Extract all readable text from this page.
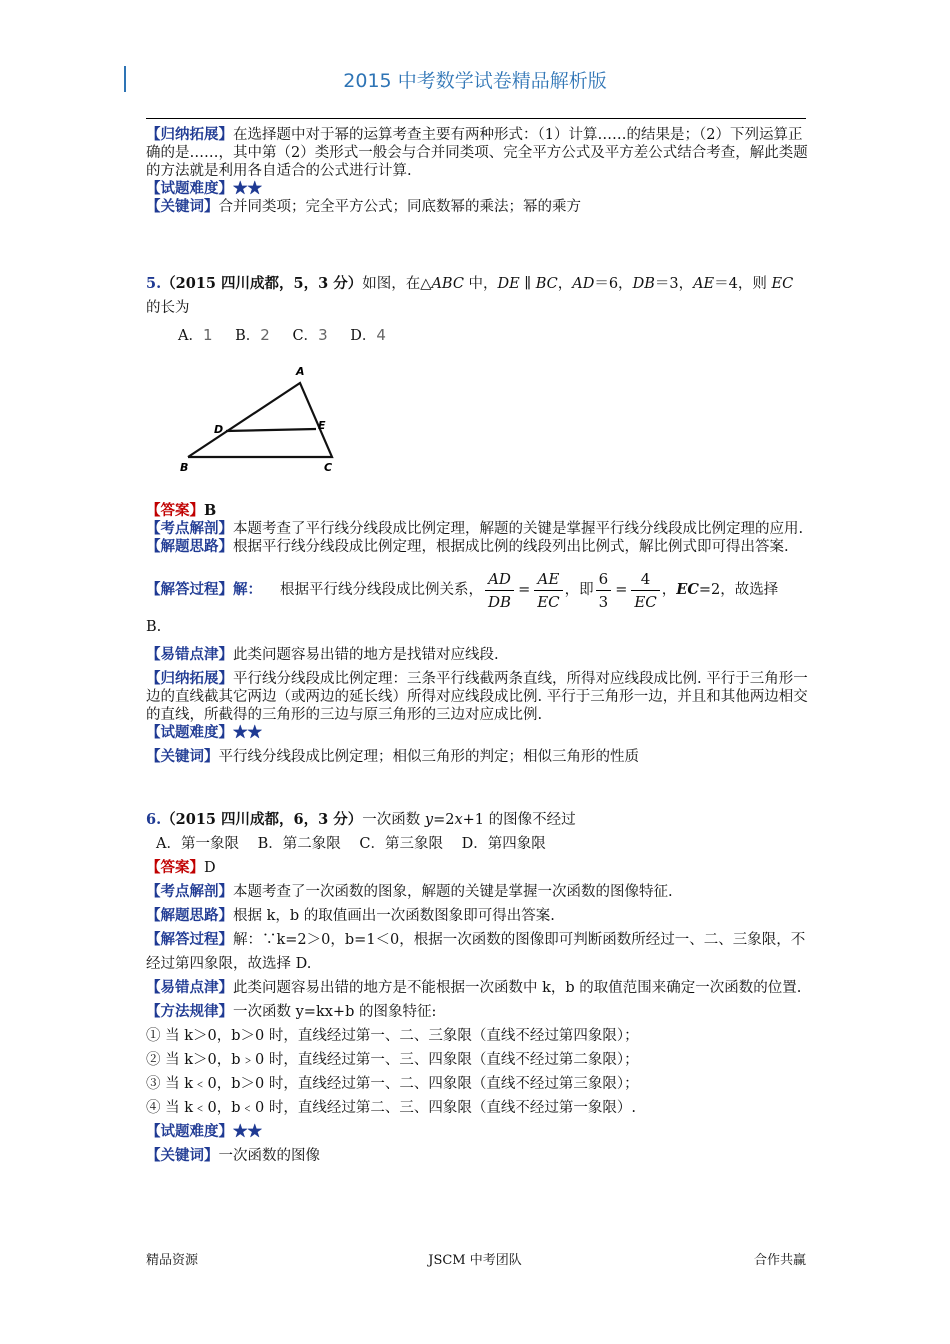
2015 中考数学试卷精品解析版

【归纳拓展】在选择题中对于幂的运算考查主要有两种形式：（1）计算……的结果是；（2）下列运算正确的是……，其中第（2）类形式一般会与合并同类项、完全平方公式及平方差公式结合考查，解此类题的方法就是利用各自适合的公式进行计算.

【试题难度】★★

【关键词】合并同类项；完全平方公式；同底数幂的乘法；幂的乘方

5.（2015 四川成都，5，3 分）如图，在△ABC 中，DE ∥ BC，AD＝6，DB＝3，AE＝4，则 EC 的长为

A．1 B．2 C．3 D．4
A
B	C
D	E

【答案】B

【考点解剖】本题考查了平行线分线段成比例定理，解题的关键是掌握平行线分线段成比例定理的应用.

【解题思路】根据平行线分线段成比例定理，根据成比例的线段列出比例式，解比例式即可得出答案.

【解答过程】解： 根据平行线分线段成比例关系， $\frac{AD}{DB} = \frac{AE}{EC}$ ，即 $\frac{6}{3} = \frac{4}{EC}$ ，EC=2，故选择

B.

【易错点津】此类问题容易出错的地方是找错对应线段.

【归纳拓展】平行线分线段成比例定理：三条平行线截两条直线，所得对应线段成比例. 平行于三角形一边的直线截其它两边（或两边的延长线）所得对应线段成比例. 平行于三角形一边，并且和其他两边相交的直线，所截得的三角形的三边与原三角形的三边对应成比例.

【试题难度】★★

【关键词】平行线分线段成比例定理；相似三角形的判定；相似三角形的性质

6.（2015 四川成都，6，3 分）一次函数 y=2x+1 的图像不经过

A．第一象限 B．第二象限 C．第三象限 D．第四象限

【答案】D

【考点解剖】本题考查了一次函数的图象，解题的关键是掌握一次函数的图像特征.

【解题思路】根据 k，b 的取值画出一次函数图象即可得出答案.

【解答过程】解：∵k=2＞0，b=1＜0，根据一次函数的图像即可判断函数所经过一、二、三象限，不经过第四象限，故选择 D.

【易错点津】此类问题容易出错的地方是不能根据一次函数中 k，b 的取值范围来确定一次函数的位置.

【方法规律】一次函数 y=kx+b 的图象特征:

① 当 k＞0，b＞0 时，直线经过第一、二、三象限（直线不经过第四象限）；

② 当 k＞0，b﹥0 时，直线经过第一、三、四象限（直线不经过第二象限）；

③ 当 k﹤0，b＞0 时，直线经过第一、二、四象限（直线不经过第三象限）；

④ 当 k﹤0，b﹤0 时，直线经过第二、三、四象限（直线不经过第一象限）.

【试题难度】★★

【关键词】一次函数的图像

精品资源	JSCM 中考团队	合作共赢
